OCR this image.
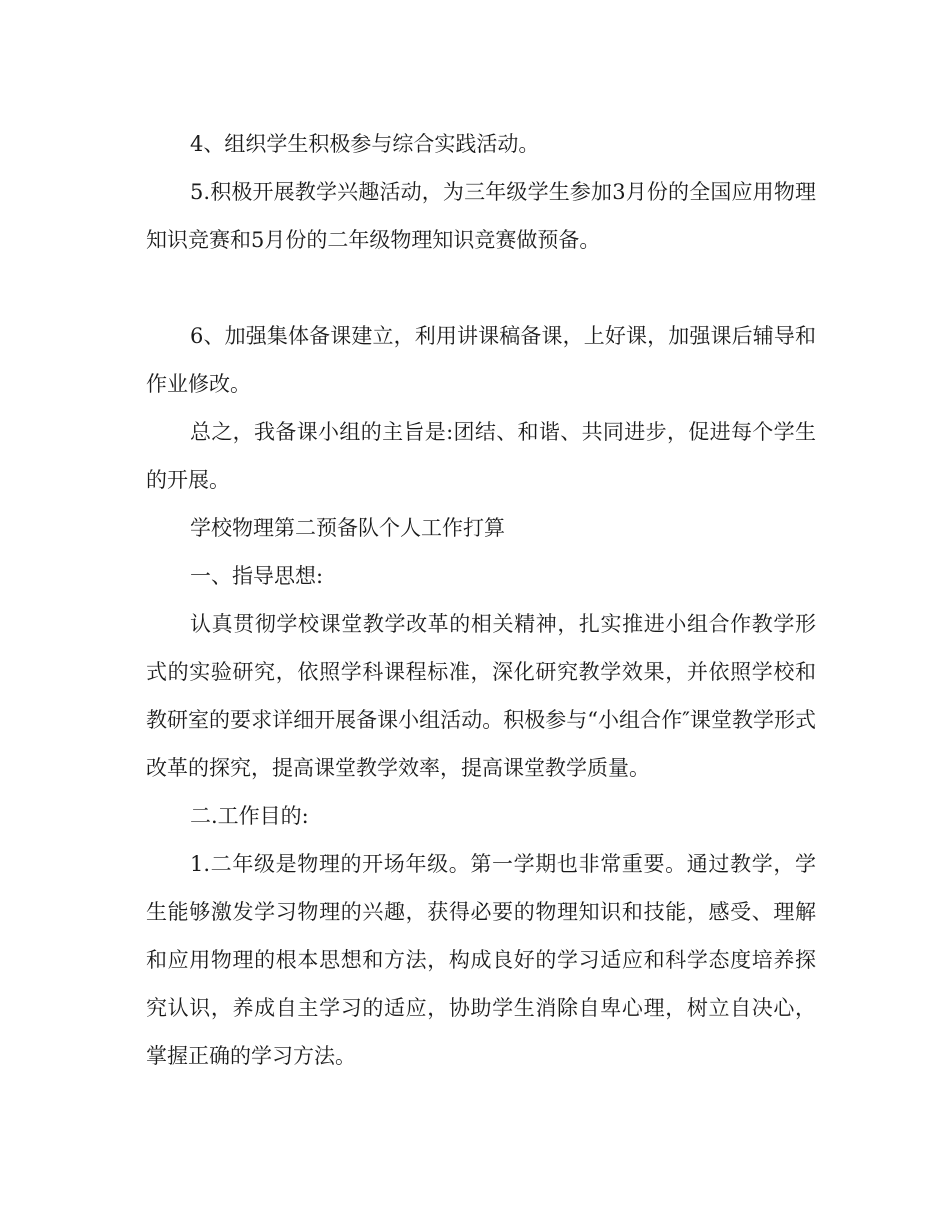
4、组织学生积极参与综合实践活动。

5.积极开展教学兴趣活动，为三年级学生参加3月份的全国应用物理知识竞赛和5月份的二年级物理知识竞赛做预备。

6、加强集体备课建立，利用讲课稿备课，上好课，加强课后辅导和作业修改。

总之，我备课小组的主旨是:团结、和谐、共同进步，促进每个学生的开展。

学校物理第二预备队个人工作打算

一、指导思想:

认真贯彻学校课堂教学改革的相关精神，扎实推进小组合作教学形式的实验研究，依照学科课程标准，深化研究教学效果，并依照学校和教研室的要求详细开展备课小组活动。积极参与“小组合作″课堂教学形式改革的探究，提高课堂教学效率，提高课堂教学质量。

二.工作目的:

1.二年级是物理的开场年级。第一学期也非常重要。通过教学，学生能够激发学习物理的兴趣，获得必要的物理知识和技能，感受、理解和应用物理的根本思想和方法，构成良好的学习适应和科学态度培养探究认识，养成自主学习的适应，协助学生消除自卑心理，树立自决心，掌握正确的学习方法。
